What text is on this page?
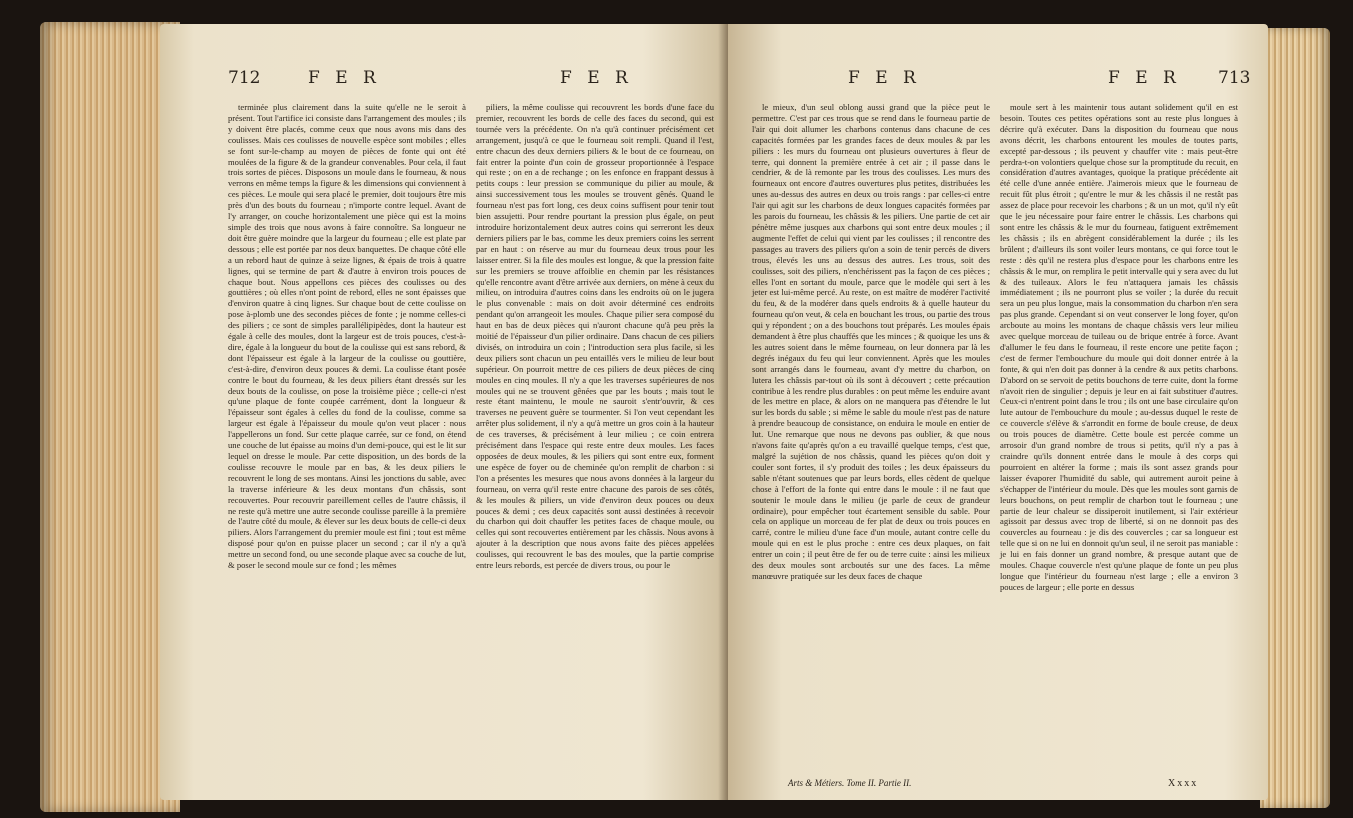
712	F E R	F E R

terminée plus clairement dans la suite qu'elle ne le seroit à présent. Tout l'artifice ici consiste dans l'arrangement des moules ; ils y doivent être placés, comme ceux que nous avons mis dans des coulisses. Mais ces coulisses de nouvelle espèce sont mobiles ; elles se font sur-le-champ au moyen de pièces de fonte qui ont été moulées de la figure & de la grandeur convenables. Pour cela, il faut trois sortes de pièces. Disposons un moule dans le fourneau, & nous verrons en même temps la figure & les dimensions qui conviennent à ces pièces. Le moule qui sera placé le premier, doit toujours être mis près d'un des bouts du fourneau ; n'importe contre lequel. Avant de l'y arranger, on couche horizontalement une pièce qui est la moins simple des trois que nous avons à faire connoître. Sa longueur ne doit être guère moindre que la largeur du fourneau ; elle est plate par dessous ; elle est portée par nos deux banquettes. De chaque côté elle a un rebord haut de quinze à seize lignes, & épais de trois à quatre lignes, qui se termine de part & d'autre à environ trois pouces de chaque bout. Nous appellons ces pièces des coulisses ou des gouttières ; où elles n'ont point de rebord, elles ne sont épaisses que d'environ quatre à cinq lignes. Sur chaque bout de cette coulisse on pose à-plomb une des secondes pièces de fonte ; je nomme celles-ci des piliers ; ce sont de simples parallélipipèdes, dont la hauteur est égale à celle des moules, dont la largeur est de trois pouces, c'est-à-dire, égale à la longueur du bout de la coulisse qui est sans rebord, & dont l'épaisseur est égale à la largeur de la coulisse ou gouttière, c'est-à-dire, d'environ deux pouces & demi. La coulisse étant posée contre le bout du fourneau, & les deux piliers étant dressés sur les deux bouts de la coulisse, on pose la troisième pièce ; celle-ci n'est qu'une plaque de fonte coupée carrément, dont la longueur & l'épaisseur sont égales à celles du fond de la coulisse, comme sa largeur est égale à l'épaisseur du moule qu'on veut placer : nous l'appellerons un fond. Sur cette plaque carrée, sur ce fond, on étend une couche de lut épaisse au moins d'un demi-pouce, qui est le lit sur lequel on dresse le moule. Par cette disposition, un des bords de la coulisse recouvre le moule par en bas, & les deux piliers le recouvrent le long de ses montans. Ainsi les jonctions du sable, avec la traverse inférieure & les deux montans d'un châssis, sont recouvertes. Pour recouvrir pareillement celles de l'autre châssis, il ne reste qu'à mettre une autre seconde coulisse pareille à la première de l'autre côté du moule, & élever sur les deux bouts de celle-ci deux piliers. Alors l'arrangement du premier moule est fini ; tout est même disposé pour qu'on en puisse placer un second ; car il n'y a qu'à mettre un second fond, ou une seconde plaque avec sa couche de lut, & poser le second moule sur ce fond ; les mêmes

piliers, la même coulisse qui recouvrent les bords d'une face du premier, recouvrent les bords de celle des faces du second, qui est tournée vers la précédente. On n'a qu'à continuer précisément cet arrangement, jusqu'à ce que le fourneau soit rempli. Quand il l'est, entre chacun des deux derniers piliers & le bout de ce fourneau, on fait entrer la pointe d'un coin de grosseur proportionnée à l'espace qui reste ; on en a de rechange ; on les enfonce en frappant dessus à petits coups : leur pression se communique du pilier au moule, & ainsi successivement tous les moules se trouvent gênés. Quand le fourneau n'est pas fort long, ces deux coins suffisent pour tenir tout bien assujetti. Pour rendre pourtant la pression plus égale, on peut introduire horizontalement deux autres coins qui serreront les deux derniers piliers par le bas, comme les deux premiers coins les serrent par en haut : on réserve au mur du fourneau deux trous pour les laisser entrer. Si la file des moules est longue, & que la pression faite sur les premiers se trouve affoiblie en chemin par les résistances qu'elle rencontre avant d'être arrivée aux derniers, on mène à ceux du milieu, on introduira d'autres coins dans les endroits où on le jugera le plus convenable : mais on doit avoir déterminé ces endroits pendant qu'on arrangeoit les moules. Chaque pilier sera composé du haut en bas de deux pièces qui n'auront chacune qu'à peu près la moitié de l'épaisseur d'un pilier ordinaire. Dans chacun de ces piliers divisés, on introduira un coin ; l'introduction sera plus facile, si les deux piliers sont chacun un peu entaillés vers le milieu de leur bout supérieur. On pourroit mettre de ces piliers de deux pièces de cinq moules en cinq moules. Il n'y a que les traverses supérieures de nos moules qui ne se trouvent gênées que par les bouts ; mais tout le reste étant maintenu, le moule ne sauroit s'entr'ouvrir, & ces traverses ne peuvent guère se tourmenter. Si l'on veut cependant les arrêter plus solidement, il n'y a qu'à mettre un gros coin à la hauteur de ces traverses, & précisément à leur milieu ; ce coin entrera précisément dans l'espace qui reste entre deux moules. Les faces opposées de deux moules, & les piliers qui sont entre eux, forment une espèce de foyer ou de cheminée qu'on remplit de charbon : si l'on a présentes les mesures que nous avons données à la largeur du fourneau, on verra qu'il reste entre chacune des parois de ses côtés, & les moules & piliers, un vide d'environ deux pouces ou deux pouces & demi ; ces deux capacités sont aussi destinées à recevoir du charbon qui doit chauffer les petites faces de chaque moule, ou celles qui sont recouvertes entièrement par les châssis. Nous avons à ajouter à la description que nous avons faite des pièces appelées coulisses, qui recouvrent le bas des moules, que la partie comprise entre leurs rebords, est percée de divers trous, ou pour le

F E R	F E R 713

le mieux, d'un seul oblong aussi grand que la pièce peut le permettre. C'est par ces trous que se rend dans le fourneau partie de l'air qui doit allumer les charbons contenus dans chacune de ces capacités formées par les grandes faces de deux moules & par les piliers : les murs du fourneau ont plusieurs ouvertures à fleur de terre, qui donnent la première entrée à cet air ; il passe dans le cendrier, & de là remonte par les trous des coulisses. Les murs des fourneaux ont encore d'autres ouvertures plus petites, distribuées les unes au-dessus des autres en deux ou trois rangs : par celles-ci entre l'air qui agit sur les charbons de deux longues capacités formées par les parois du fourneau, les châssis & les piliers. Une partie de cet air pénètre même jusques aux charbons qui sont entre deux moules ; il augmente l'effet de celui qui vient par les coulisses ; il rencontre des passages au travers des piliers qu'on a soin de tenir percés de divers trous, élevés les uns au dessus des autres. Les trous, soit des coulisses, soit des piliers, n'enchérissent pas la façon de ces pièces ; elles l'ont en sortant du moule, parce que le modèle qui sert à les jeter est lui-même percé. Au reste, on est maître de modérer l'activité du feu, & de la modérer dans quels endroits & à quelle hauteur du fourneau qu'on veut, & cela en bouchant les trous, ou partie des trous qui y répondent ; on a des bouchons tout préparés. Les moules épais demandent à être plus chauffés que les minces ; & quoique les uns & les autres soient dans le même fourneau, on leur donnera par là les degrés inégaux du feu qui leur conviennent. Après que les moules sont arrangés dans le fourneau, avant d'y mettre du charbon, on lutera les châssis par-tout où ils sont à découvert ; cette précaution contribue à les rendre plus durables : on peut même les enduire avant de les mettre en place, & alors on ne manquera pas d'étendre le lut sur les bords du sable ; si même le sable du moule n'est pas de nature à prendre beaucoup de consistance, on enduira le moule en entier de lut. Une remarque que nous ne devons pas oublier, & que nous n'avons faite qu'après qu'on a eu travaillé quelque temps, c'est que, malgré la sujétion de nos châssis, quand les pièces qu'on doit y couler sont fortes, il s'y produit des toiles ; les deux épaisseurs du sable n'étant soutenues que par leurs bords, elles cèdent de quelque chose à l'effort de la fonte qui entre dans le moule : il ne faut que soutenir le moule dans le milieu (je parle de ceux de grandeur ordinaire), pour empêcher tout écartement sensible du sable. Pour cela on applique un morceau de fer plat de deux ou trois pouces en carré, contre le milieu d'une face d'un moule, autant contre celle du moule qui en est le plus proche : entre ces deux plaques, on fait entrer un coin ; il peut être de fer ou de terre cuite : ainsi les milieux des deux moules sont arcboutés sur une des faces. La même manœuvre pratiquée sur les deux faces de chaque

moule sert à les maintenir tous autant solidement qu'il en est besoin. Toutes ces petites opérations sont au reste plus longues à décrire qu'à exécuter. Dans la disposition du fourneau que nous avons décrit, les charbons entourent les moules de toutes parts, excepté par-dessous ; ils peuvent y chauffer vite : mais peut-être perdra-t-on volontiers quelque chose sur la promptitude du recuit, en considération d'autres avantages, quoique la pratique précédente ait été celle d'une année entière. J'aimerois mieux que le fourneau de recuit fût plus étroit ; qu'entre le mur & les châssis il ne restât pas assez de place pour recevoir les charbons ; & un un mot, qu'il n'y eût que le jeu nécessaire pour faire entrer le châssis. Les charbons qui sont entre les châssis & le mur du fourneau, fatiguent extrêmement les châssis ; ils en abrègent considérablement la durée ; ils les brûlent ; d'ailleurs ils sont voiler leurs montans, ce qui force tout le reste : dès qu'il ne restera plus d'espace pour les charbons entre les châssis & le mur, on remplira le petit intervalle qui y sera avec du lut & des tuileaux. Alors le feu n'attaquera jamais les châssis immédiatement ; ils ne pourront plus se voiler ; la durée du recuit sera un peu plus longue, mais la consommation du charbon n'en sera pas plus grande. Cependant si on veut conserver le long foyer, qu'on arcboute au moins les montans de chaque châssis vers leur milieu avec quelque morceau de tuileau ou de brique entrée à force. Avant d'allumer le feu dans le fourneau, il reste encore une petite façon ; c'est de fermer l'embouchure du moule qui doit donner entrée à la fonte, & qui n'en doit pas donner à la cendre & aux petits charbons. D'abord on se servoit de petits bouchons de terre cuite, dont la forme n'avoit rien de singulier ; depuis je leur en ai fait substituer d'autres. Ceux-ci n'entrent point dans le trou ; ils ont une base circulaire qu'on lute autour de l'embouchure du moule ; au-dessus duquel le reste de ce couvercle s'élève & s'arrondit en forme de boule creuse, de deux ou trois pouces de diamètre. Cette boule est percée comme un arrosoir d'un grand nombre de trous si petits, qu'il n'y a pas à craindre qu'ils donnent entrée dans le moule à des corps qui pourroient en altérer la forme ; mais ils sont assez grands pour laisser évaporer l'humidité du sable, qui autrement auroit peine à s'échapper de l'intérieur du moule. Dès que les moules sont garnis de leurs bouchons, on peut remplir de charbon tout le fourneau ; une partie de leur chaleur se dissiperoit inutilement, si l'air extérieur agissoit par dessus avec trop de liberté, si on ne donnoit pas des couvercles au fourneau : je dis des couvercles ; car sa longueur est telle que si on ne lui en donnoit qu'un seul, il ne seroit pas maniable : je lui en fais donner un grand nombre, & presque autant que de moules. Chaque couvercle n'est qu'une plaque de fonte un peu plus longue que l'intérieur du fourneau n'est large ; elle a environ 3 pouces de largeur ; elle porte en dessus

Arts & Métiers. Tome II. Partie II.	Xxxx
